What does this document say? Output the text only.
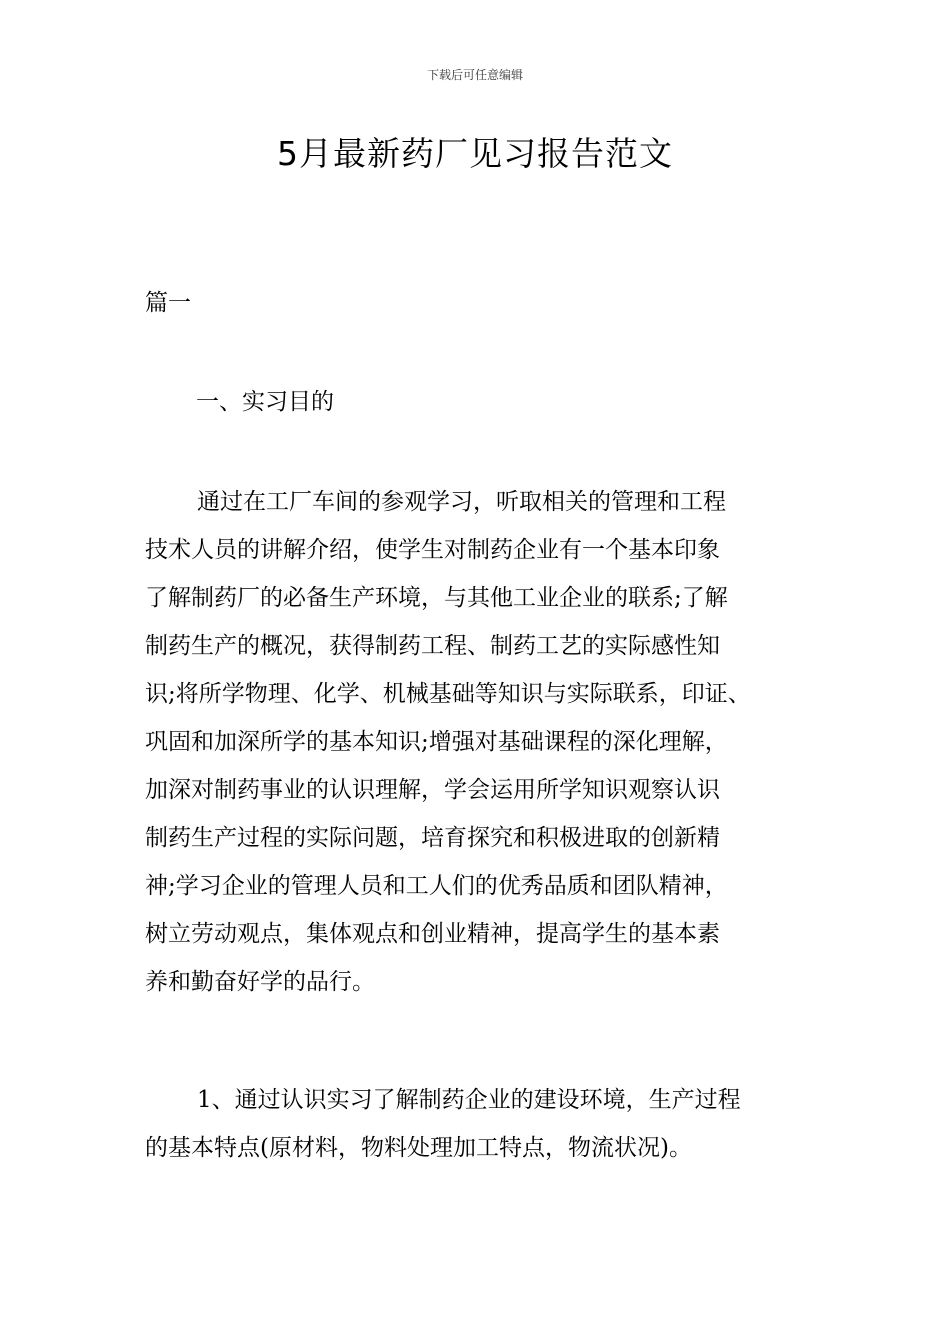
下载后可任意编辑
5月最新药厂见习报告范文
篇一
一、实习目的
通过在工厂车间的参观学习，听取相关的管理和工程
技术人员的讲解介绍，使学生对制药企业有一个基本印象
了解制药厂的必备生产环境，与其他工业企业的联系;了解
制药生产的概况，获得制药工程、制药工艺的实际感性知
识;将所学物理、化学、机械基础等知识与实际联系，印证、
巩固和加深所学的基本知识;增强对基础课程的深化理解，
加深对制药事业的认识理解，学会运用所学知识观察认识
制药生产过程的实际问题，培育探究和积极进取的创新精
神;学习企业的管理人员和工人们的优秀品质和团队精神，
树立劳动观点，集体观点和创业精神，提高学生的基本素
养和勤奋好学的品行。
1、通过认识实习了解制药企业的建设环境，生产过程
的基本特点(原材料，物料处理加工特点，物流状况)。
